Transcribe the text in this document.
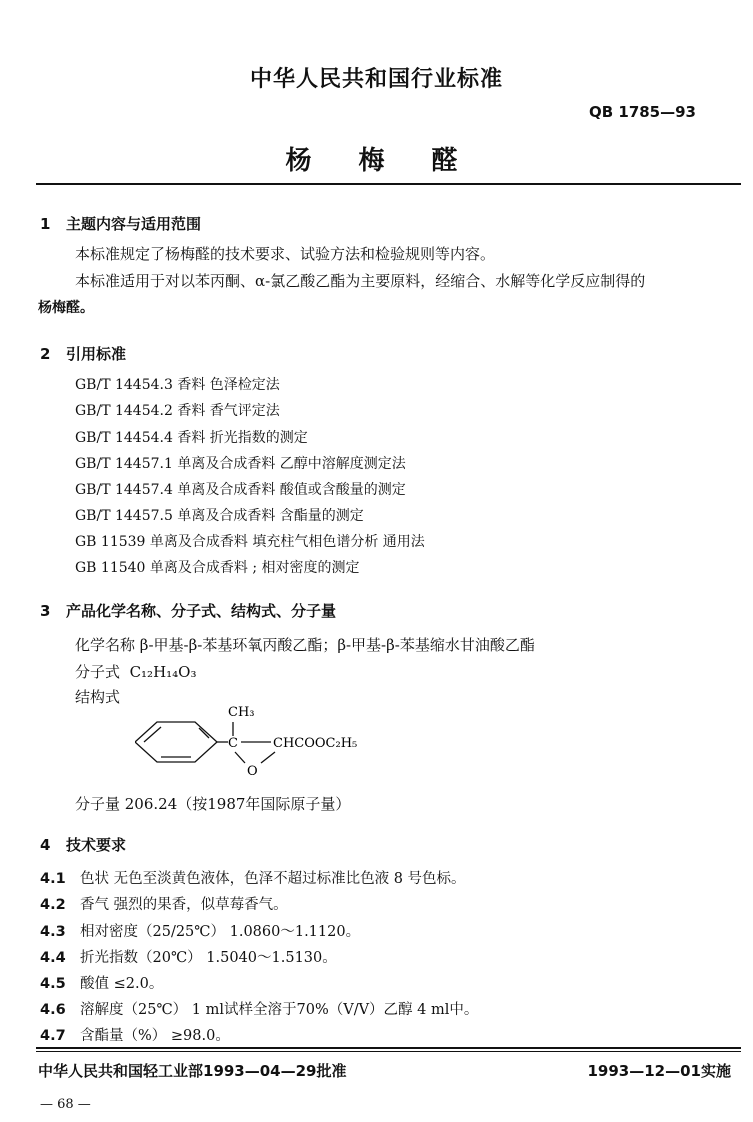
中华人民共和国行业标准
QB 1785—93
杨 梅 醛
1 主题内容与适用范围
本标准规定了杨梅醛的技术要求、试验方法和检验规则等内容。
本标准适用于对以苯丙酮、α-氯乙酸乙酯为主要原料，经缩合、水解等化学反应制得的
杨梅醛。
2 引用标准
GB/T 14454.3 香料 色泽检定法
GB/T 14454.2 香料 香气评定法
GB/T 14454.4 香料 折光指数的测定
GB/T 14457.1 单离及合成香料 乙醇中溶解度测定法
GB/T 14457.4 单离及合成香料 酸值或含酸量的测定
GB/T 14457.5 单离及合成香料 含酯量的测定
GB 11539 单离及合成香料 填充柱气相色谱分析 通用法
GB 11540 单离及合成香料 ; 相对密度的测定
3 产品化学名称、分子式、结构式、分子量
化学名称 β-甲基-β-苯基环氧丙酸乙酯；β-甲基-β-苯基缩水甘油酸乙酯
分子式 C₁₂H₁₄O₃
结构式
CH₃
C	CHCOOC₂H₅
O
分子量 206.24（按1987年国际原子量）
4 技术要求
4.1 色状 无色至淡黄色液体，色泽不超过标准比色液 8 号色标。
4.2 香气 强烈的果香，似草莓香气。
4.3 相对密度（25/25℃） 1.0860～1.1120。
4.4 折光指数（20℃） 1.5040～1.5130。
4.5 酸值 ≤2.0。
4.6 溶解度（25℃） 1 ml试样全溶于70%（V/V）乙醇 4 ml中。
4.7 含酯量（%） ≥98.0。
中华人民共和国轻工业部1993—04—29批准	1993—12—01实施
— 68 —
